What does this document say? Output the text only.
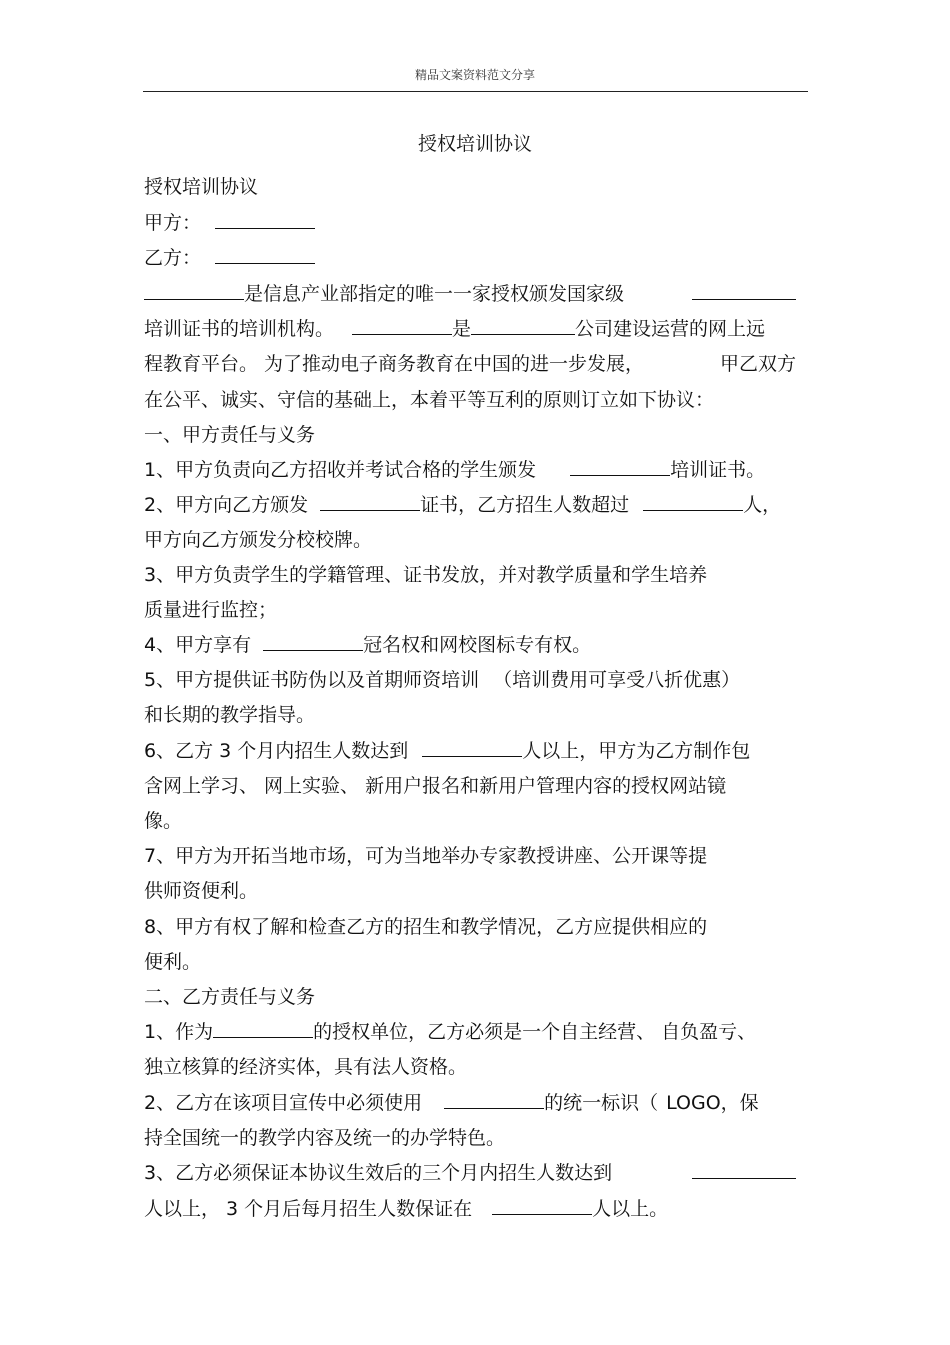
精品文案资料范文分享
授权培训协议
授权培训协议
甲方：
乙方：
是信息产业部指定的唯一一家授权颁发国家级
培训证书的培训机构。	是	公司建设运营的网上远
程教育平台。 为了推动电子商务教育在中国的进一步发展，	甲乙双方
在公平、诚实、守信的基础上，本着平等互利的原则订立如下协议：
一、甲方责任与义务
1、甲方负责向乙方招收并考试合格的学生颁发	培训证书。
2、甲方向乙方颁发	证书，乙方招生人数超过	人，
甲方向乙方颁发分校校牌。
3、甲方负责学生的学籍管理、证书发放，并对教学质量和学生培养
质量进行监控；
4、甲方享有	冠名权和网校图标专有权。
5、甲方提供证书防伪以及首期师资培训 （培训费用可享受八折优惠）
和长期的教学指导。
6、乙方 3 个月内招生人数达到	人以上，甲方为乙方制作包
含网上学习、 网上实验、 新用户报名和新用户管理内容的授权网站镜
像。
7、甲方为开拓当地市场，可为当地举办专家教授讲座、公开课等提
供师资便利。
8、甲方有权了解和检查乙方的招生和教学情况，乙方应提供相应的
便利。
二、乙方责任与义务
1、作为	的授权单位，乙方必须是一个自主经营、 自负盈亏、
独立核算的经济实体，具有法人资格。
2、乙方在该项目宣传中必须使用	的统一标识（ LOGO，保
持全国统一的教学内容及统一的办学特色。
3、乙方必须保证本协议生效后的三个月内招生人数达到
人以上， 3 个月后每月招生人数保证在	人以上。
